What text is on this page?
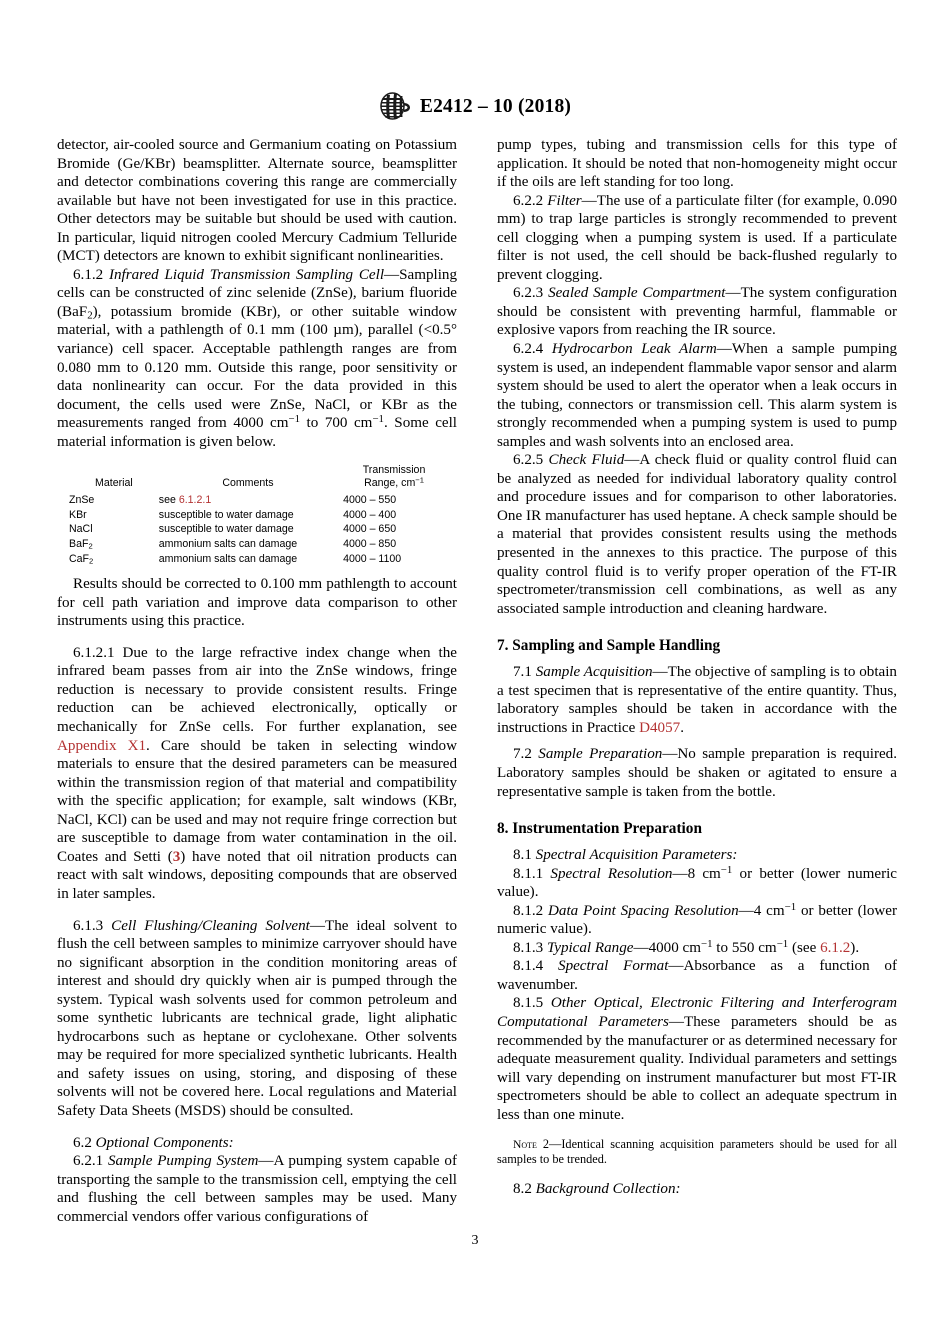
E2412 – 10 (2018)

detector, air-cooled source and Germanium coating on Potassium Bromide (Ge/KBr) beamsplitter. Alternate source, beamsplitter and detector combinations covering this range are commercially available but have not been investigated for use in this practice. Other detectors may be suitable but should be used with caution. In particular, liquid nitrogen cooled Mercury Cadmium Telluride (MCT) detectors are known to exhibit significant nonlinearities.

6.1.2 Infrared Liquid Transmission Sampling Cell—Sampling cells can be constructed of zinc selenide (ZnSe), barium fluoride (BaF$_2$), potassium bromide (KBr), or other suitable window material, with a pathlength of 0.1 mm (100 µm), parallel (<0.5° variance) cell spacer. Acceptable pathlength ranges are from 0.080 mm to 0.120 mm. Outside this range, poor sensitivity or data nonlinearity can occur. For the data provided in this document, the cells used were ZnSe, NaCl, or KBr as the measurements ranged from 4000 $cm^{-1}$ to 700 $cm^{-1}$. Some cell material information is given below.

Material	Comments	Transmission
Range, $cm^{-1}$
ZnSe	see 6.1.2.1	4000 – 550
KBr	susceptible to water damage	4000 – 400
NaCl	susceptible to water damage	4000 – 650
BaF$_2$	ammonium salts can damage	4000 – 850
CaF$_2$	ammonium salts can damage	4000 – 1100

Results should be corrected to 0.100 mm pathlength to account for cell path variation and improve data comparison to other instruments using this practice.

6.1.2.1 Due to the large refractive index change when the infrared beam passes from air into the ZnSe windows, fringe reduction is necessary to provide consistent results. Fringe reduction can be achieved electronically, optically or mechanically for ZnSe cells. For further explanation, see Appendix X1. Care should be taken in selecting window materials to ensure that the desired parameters can be measured within the transmission region of that material and compatibility with the specific application; for example, salt windows (KBr, NaCl, KCl) can be used and may not require fringe correction but are susceptible to damage from water contamination in the oil. Coates and Setti (3) have noted that oil nitration products can react with salt windows, depositing compounds that are observed in later samples.

6.1.3 Cell Flushing/Cleaning Solvent—The ideal solvent to flush the cell between samples to minimize carryover should have no significant absorption in the condition monitoring areas of interest and should dry quickly when air is pumped through the system. Typical wash solvents used for common petroleum and some synthetic lubricants are technical grade, light aliphatic hydrocarbons such as heptane or cyclohexane. Other solvents may be required for more specialized synthetic lubricants. Health and safety issues on using, storing, and disposing of these solvents will not be covered here. Local regulations and Material Safety Data Sheets (MSDS) should be consulted.

6.2 Optional Components:

6.2.1 Sample Pumping System—A pumping system capable of transporting the sample to the transmission cell, emptying the cell and flushing the cell between samples may be used. Many commercial vendors offer various configurations of

pump types, tubing and transmission cells for this type of application. It should be noted that non-homogeneity might occur if the oils are left standing for too long.

6.2.2 Filter—The use of a particulate filter (for example, 0.090 mm) to trap large particles is strongly recommended to prevent cell clogging when a pumping system is used. If a particulate filter is not used, the cell should be back-flushed regularly to prevent clogging.

6.2.3 Sealed Sample Compartment—The system configuration should be consistent with preventing harmful, flammable or explosive vapors from reaching the IR source.

6.2.4 Hydrocarbon Leak Alarm—When a sample pumping system is used, an independent flammable vapor sensor and alarm system should be used to alert the operator when a leak occurs in the tubing, connectors or transmission cell. This alarm system is strongly recommended when a pumping system is used to pump samples and wash solvents into an enclosed area.

6.2.5 Check Fluid—A check fluid or quality control fluid can be analyzed as needed for individual laboratory quality control and procedure issues and for comparison to other laboratories. One IR manufacturer has used heptane. A check sample should be a material that provides consistent results using the methods presented in the annexes to this practice. The purpose of this quality control fluid is to verify proper operation of the FT-IR spectrometer/transmission cell combinations, as well as any associated sample introduction and cleaning hardware.

7. Sampling and Sample Handling

7.1 Sample Acquisition—The objective of sampling is to obtain a test specimen that is representative of the entire quantity. Thus, laboratory samples should be taken in accordance with the instructions in Practice D4057.

7.2 Sample Preparation—No sample preparation is required. Laboratory samples should be shaken or agitated to ensure a representative sample is taken from the bottle.

8. Instrumentation Preparation

8.1 Spectral Acquisition Parameters:

8.1.1 Spectral Resolution—8 $cm^{-1}$ or better (lower numeric value).

8.1.2 Data Point Spacing Resolution—4 $cm^{-1}$ or better (lower numeric value).

8.1.3 Typical Range—4000 $cm^{-1}$ to 550 $cm^{-1}$ (see 6.1.2).

8.1.4 Spectral Format—Absorbance as a function of wavenumber.

8.1.5 Other Optical, Electronic Filtering and Interferogram Computational Parameters—These parameters should be as recommended by the manufacturer or as determined necessary for adequate measurement quality. Individual parameters and settings will vary depending on instrument manufacturer but most FT-IR spectrometers should be able to collect an adequate spectrum in less than one minute.

Note 2—Identical scanning acquisition parameters should be used for all samples to be trended.

8.2 Background Collection:

3
